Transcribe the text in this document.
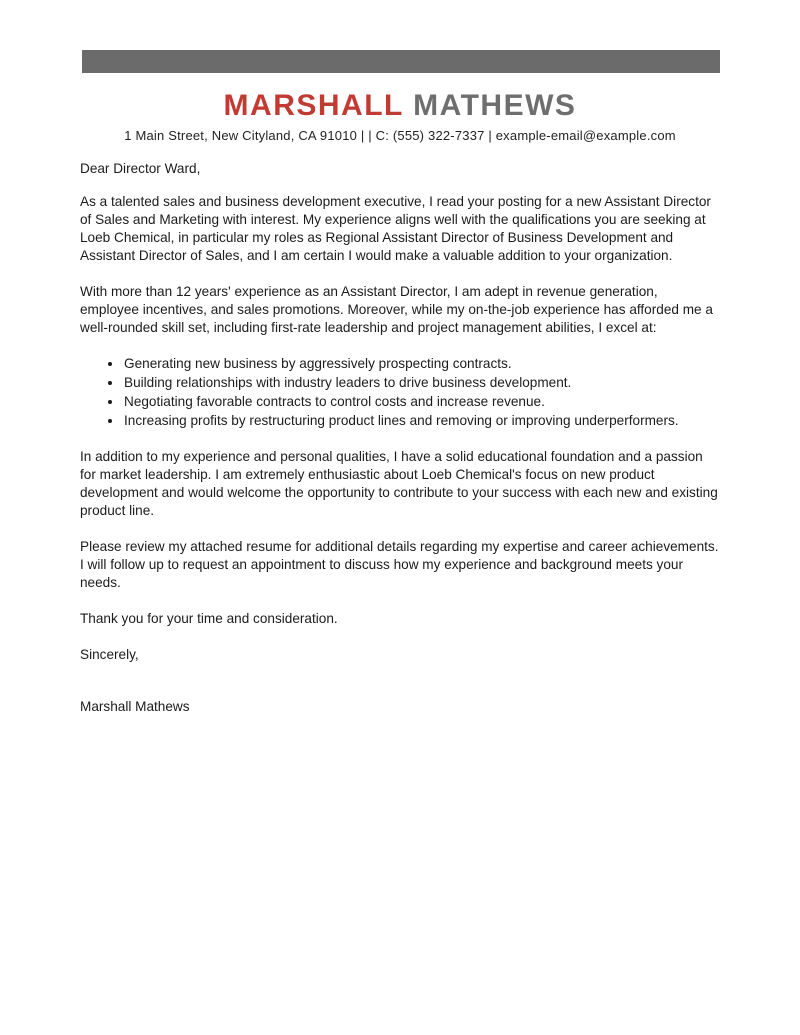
MARSHALL MATHEWS
1 Main Street, New Cityland, CA 91010 | | C: (555) 322-7337 | example-email@example.com

Dear Director Ward,

As a talented sales and business development executive, I read your posting for a new Assistant Director of Sales and Marketing with interest. My experience aligns well with the qualifications you are seeking at Loeb Chemical, in particular my roles as Regional Assistant Director of Business Development and Assistant Director of Sales, and I am certain I would make a valuable addition to your organization.

With more than 12 years' experience as an Assistant Director, I am adept in revenue generation, employee incentives, and sales promotions. Moreover, while my on-the-job experience has afforded me a well-rounded skill set, including first-rate leadership and project management abilities, I excel at:

• Generating new business by aggressively prospecting contracts.
• Building relationships with industry leaders to drive business development.
• Negotiating favorable contracts to control costs and increase revenue.
• Increasing profits by restructuring product lines and removing or improving underperformers.

In addition to my experience and personal qualities, I have a solid educational foundation and a passion for market leadership. I am extremely enthusiastic about Loeb Chemical's focus on new product development and would welcome the opportunity to contribute to your success with each new and existing product line.

Please review my attached resume for additional details regarding my expertise and career achievements. I will follow up to request an appointment to discuss how my experience and background meets your needs.

Thank you for your time and consideration.

Sincerely,

Marshall Mathews
